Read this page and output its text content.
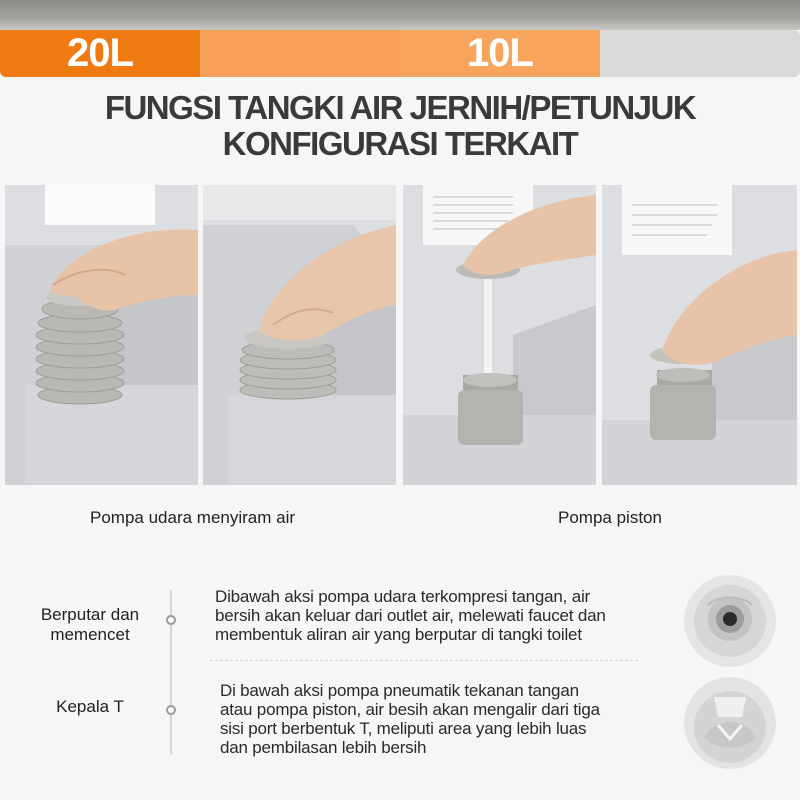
20L	10L
FUNGSI TANGKI AIR JERNIH/PETUNJUK
KONFIGURASI TERKAIT
Pompa udara menyiram air	Pompa piston
Berputar dan
memencet
Dibawah aksi pompa udara terkompresi tangan, air
bersih akan keluar dari outlet air, melewati faucet dan
membentuk aliran air yang berputar di tangki toilet
Kepala T
Di bawah aksi pompa pneumatik tekanan tangan
atau pompa piston, air besih akan mengalir dari tiga
sisi port berbentuk T, meliputi area yang lebih luas
dan pembilasan lebih bersih
